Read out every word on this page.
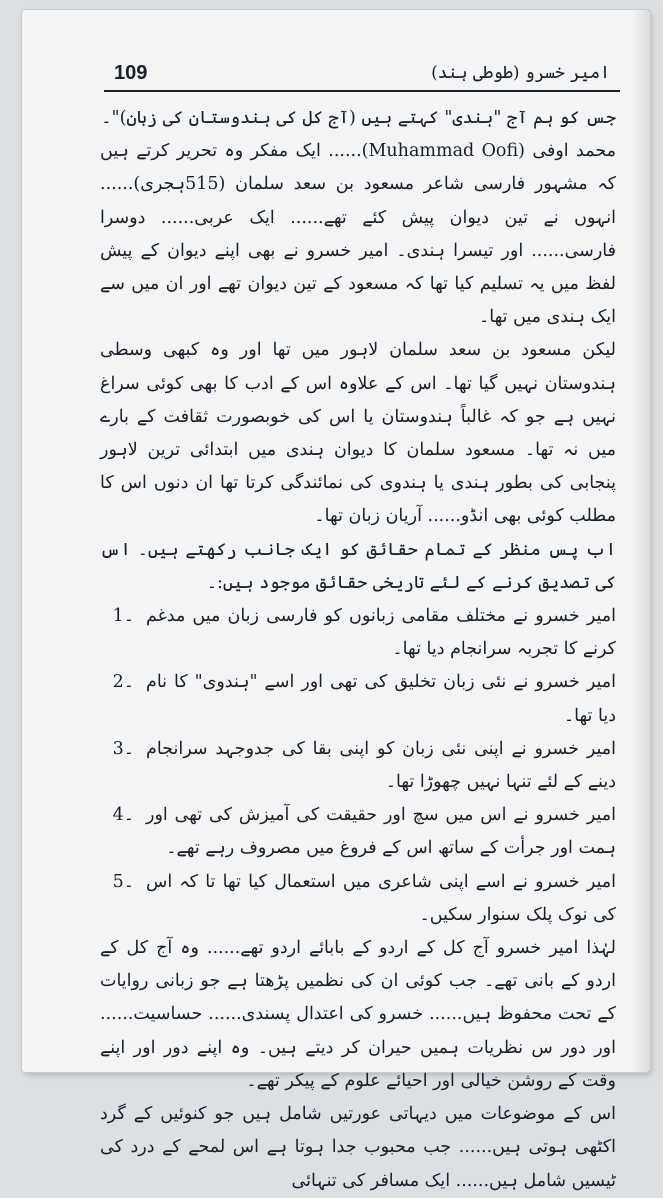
109	امیر خسرو (طوطی ہند)

جس کو ہم آج "ہندی" کہتے ہیں (آج کل کی ہندوستان کی زبان)"۔

محمد اوفی (Muhammad Oofi)...... ایک مفکر وہ تحریر کرتے ہیں کہ مشہور فارسی شاعر مسعود بن سعد سلمان (515ہجری)...... انہوں نے تین دیوان پیش کئے تھے...... ایک عربی...... دوسرا فارسی...... اور تیسرا ہندی۔ امیر خسرو نے بھی اپنے دیوان کے پیش لفظ میں یہ تسلیم کیا تھا کہ مسعود کے تین دیوان تھے اور ان میں سے ایک ہندی میں تھا۔

لیکن مسعود بن سعد سلمان لاہور میں تھا اور وہ کبھی وسطی ہندوستان نہیں گیا تھا۔ اس کے علاوہ اس کے ادب کا بھی کوئی سراغ نہیں ہے جو کہ غالباً ہندوستان یا اس کی خوبصورت ثقافت کے بارے میں نہ تھا۔ مسعود سلمان کا دیوان ہندی میں ابتدائی ترین لاہور پنجابی کی بطور ہندی یا ہندوی کی نمائندگی کرتا تھا ان دنوں اس کا مطلب کوئی بھی انڈو...... آریان زبان تھا۔

اب پس منظر کے تمام حقائق کو ایک جانب رکھتے ہیں۔ اس کی تصدیق کرنے کے لئے تاریخی حقائق موجود ہیں:۔

1۔ امیر خسرو نے مختلف مقامی زبانوں کو فارسی زبان میں مدغم کرنے کا تجربہ سرانجام دیا تھا۔
2۔ امیر خسرو نے نئی زبان تخلیق کی تھی اور اسے "ہندوی" کا نام دیا تھا۔
3۔ امیر خسرو نے اپنی نئی زبان کو اپنی بقا کی جدوجہد سرانجام دینے کے لئے تنہا نہیں چھوڑا تھا۔
4۔ امیر خسرو نے اس میں سچ اور حقیقت کی آمیزش کی تھی اور ہمت اور جرأت کے ساتھ اس کے فروغ میں مصروف رہے تھے۔
5۔ امیر خسرو نے اسے اپنی شاعری میں استعمال کیا تھا تا کہ اس کی نوک پلک سنوار سکیں۔

لہٰذا امیر خسرو آج کل کے اردو کے بابائے اردو تھے...... وہ آج کل کے اردو کے بانی تھے۔ جب کوئی ان کی نظمیں پڑھتا ہے جو زبانی روایات کے تحت محفوظ ہیں...... خسرو کی اعتدال پسندی...... حساسیت...... اور دور س نظریات ہمیں حیران کر دیتے ہیں۔ وہ اپنے دور اور اپنے وقت کے روشن خیالی اور احیائے علوم کے پیکر تھے۔

اس کے موضوعات میں دیہاتی عورتیں شامل ہیں جو کنوئیں کے گرد اکٹھی ہوتی ہیں...... جب محبوب جدا ہوتا ہے اس لمحے کے درد کی ٹیسیں شامل ہیں...... ایک مسافر کی تنہائی
